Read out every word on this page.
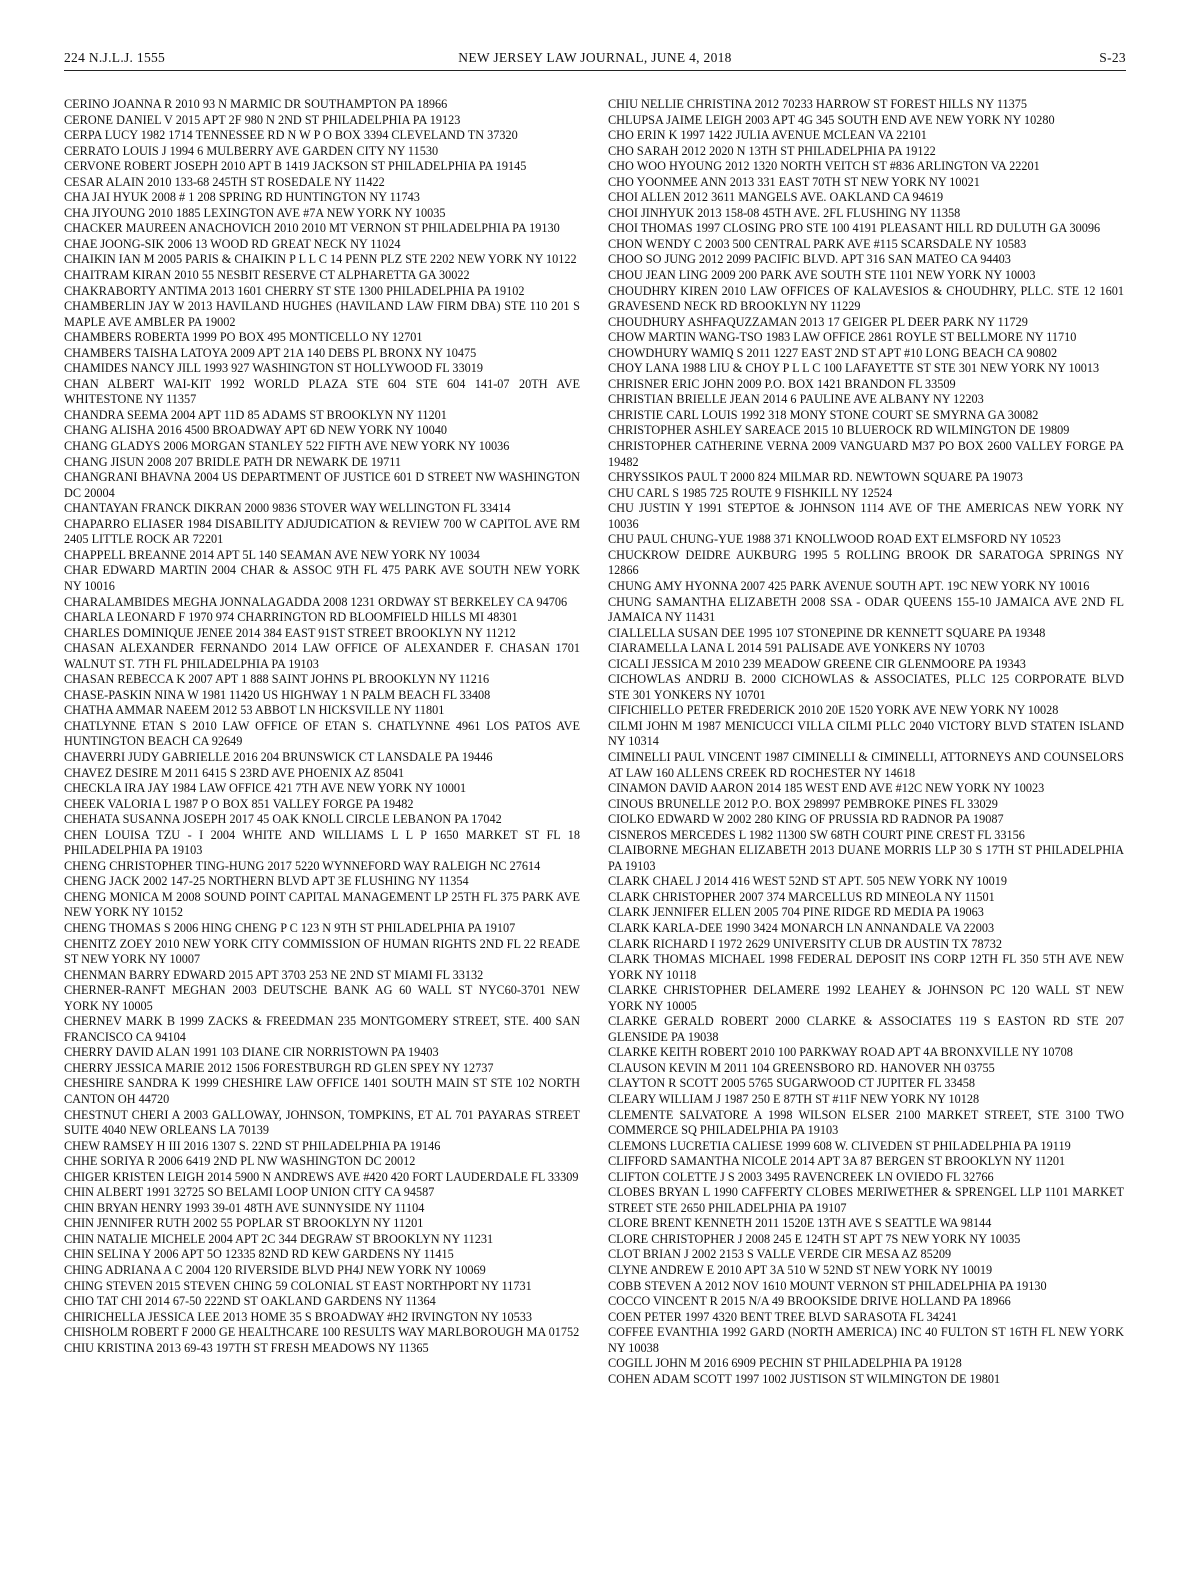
224 N.J.L.J. 1555	NEW JERSEY LAW JOURNAL, JUNE 4, 2018	S-23

CERINO JOANNA R 2010 93 N MARMIC DR SOUTHAMPTON PA 18966

CERONE DANIEL V 2015 APT 2F 980 N 2ND ST PHILADELPHIA PA 19123

CERPA LUCY 1982 1714 TENNESSEE RD N W P O BOX 3394 CLEVELAND TN 37320

CERRATO LOUIS J 1994 6 MULBERRY AVE GARDEN CITY NY 11530

CERVONE ROBERT JOSEPH 2010 APT B 1419 JACKSON ST PHILADELPHIA PA 19145

CESAR ALAIN 2010 133-68 245TH ST ROSEDALE NY 11422

CHA JAI HYUK 2008 # 1 208 SPRING RD HUNTINGTON NY 11743

CHA JIYOUNG 2010 1885 LEXINGTON AVE #7A NEW YORK NY 10035

CHACKER MAUREEN ANACHOVICH 2010 2010 MT VERNON ST PHILADELPHIA PA 19130

CHAE JOONG-SIK 2006 13 WOOD RD GREAT NECK NY 11024

CHAIKIN IAN M 2005 PARIS & CHAIKIN P L L C 14 PENN PLZ STE 2202 NEW YORK NY 10122

CHAITRAM KIRAN 2010 55 NESBIT RESERVE CT ALPHARETTA GA 30022

CHAKRABORTY ANTIMA 2013 1601 CHERRY ST STE 1300 PHILADELPHIA PA 19102

CHAMBERLIN JAY W 2013 HAVILAND HUGHES (HAVILAND LAW FIRM DBA) STE 110 201 S MAPLE AVE AMBLER PA 19002

CHAMBERS ROBERTA 1999 PO BOX 495 MONTICELLO NY 12701

CHAMBERS TAISHA LATOYA 2009 APT 21A 140 DEBS PL BRONX NY 10475

CHAMIDES NANCY JILL 1993 927 WASHINGTON ST HOLLYWOOD FL 33019

CHAN ALBERT WAI-KIT 1992 WORLD PLAZA STE 604 STE 604 141-07 20TH AVE WHITESTONE NY 11357

CHANDRA SEEMA 2004 APT 11D 85 ADAMS ST BROOKLYN NY 11201

CHANG ALISHA 2016 4500 BROADWAY APT 6D NEW YORK NY 10040

CHANG GLADYS 2006 MORGAN STANLEY 522 FIFTH AVE NEW YORK NY 10036

CHANG JISUN 2008 207 BRIDLE PATH DR NEWARK DE 19711

CHANGRANI BHAVNA 2004 US DEPARTMENT OF JUSTICE 601 D STREET NW WASHINGTON DC 20004

CHANTAYAN FRANCK DIKRAN 2000 9836 STOVER WAY WELLINGTON FL 33414

CHAPARRO ELIASER 1984 DISABILITY ADJUDICATION & REVIEW 700 W CAPITOL AVE RM 2405 LITTLE ROCK AR 72201

CHAPPELL BREANNE 2014 APT 5L 140 SEAMAN AVE NEW YORK NY 10034

CHAR EDWARD MARTIN 2004 CHAR & ASSOC 9TH FL 475 PARK AVE SOUTH NEW YORK NY 10016

CHARALAMBIDES MEGHA JONNALAGADDA 2008 1231 ORDWAY ST BERKELEY CA 94706

CHARLA LEONARD F 1970 974 CHARRINGTON RD BLOOMFIELD HILLS MI 48301

CHARLES DOMINIQUE JENEE 2014 384 EAST 91ST STREET BROOKLYN NY 11212

CHASAN ALEXANDER FERNANDO 2014 LAW OFFICE OF ALEXANDER F. CHASAN 1701 WALNUT ST. 7TH FL PHILADELPHIA PA 19103

CHASAN REBECCA K 2007 APT 1 888 SAINT JOHNS PL BROOKLYN NY 11216

CHASE-PASKIN NINA W 1981 11420 US HIGHWAY 1 N PALM BEACH FL 33408

CHATHA AMMAR NAEEM 2012 53 ABBOT LN HICKSVILLE NY 11801

CHATLYNNE ETAN S 2010 LAW OFFICE OF ETAN S. CHATLYNNE 4961 LOS PATOS AVE HUNTINGTON BEACH CA 92649

CHAVERRI JUDY GABRIELLE 2016 204 BRUNSWICK CT LANSDALE PA 19446

CHAVEZ DESIRE M 2011 6415 S 23RD AVE PHOENIX AZ 85041

CHECKLA IRA JAY 1984 LAW OFFICE 421 7TH AVE NEW YORK NY 10001

CHEEK VALORIA L 1987 P O BOX 851 VALLEY FORGE PA 19482

CHEHATA SUSANNA JOSEPH 2017 45 OAK KNOLL CIRCLE LEBANON PA 17042

CHEN LOUISA TZU - I 2004 WHITE AND WILLIAMS L L P 1650 MARKET ST FL 18 PHILADELPHIA PA 19103

CHENG CHRISTOPHER TING-HUNG 2017 5220 WYNNEFORD WAY RALEIGH NC 27614

CHENG JACK 2002 147-25 NORTHERN BLVD APT 3E FLUSHING NY 11354

CHENG MONICA M 2008 SOUND POINT CAPITAL MANAGEMENT LP 25TH FL 375 PARK AVE NEW YORK NY 10152

CHENG THOMAS S 2006 HING CHENG P C 123 N 9TH ST PHILADELPHIA PA 19107

CHENITZ ZOEY 2010 NEW YORK CITY COMMISSION OF HUMAN RIGHTS 2ND FL 22 READE ST NEW YORK NY 10007

CHENMAN BARRY EDWARD 2015 APT 3703 253 NE 2ND ST MIAMI FL 33132

CHERNER-RANFT MEGHAN 2003 DEUTSCHE BANK AG 60 WALL ST NYC60-3701 NEW YORK NY 10005

CHERNEV MARK B 1999 ZACKS & FREEDMAN 235 MONTGOMERY STREET, STE. 400 SAN FRANCISCO CA 94104

CHERRY DAVID ALAN 1991 103 DIANE CIR NORRISTOWN PA 19403

CHERRY JESSICA MARIE 2012 1506 FORESTBURGH RD GLEN SPEY NY 12737

CHESHIRE SANDRA K 1999 CHESHIRE LAW OFFICE 1401 SOUTH MAIN ST STE 102 NORTH CANTON OH 44720

CHESTNUT CHERI A 2003 GALLOWAY, JOHNSON, TOMPKINS, ET AL 701 PAYARAS STREET SUITE 4040 NEW ORLEANS LA 70139

CHEW RAMSEY H III 2016 1307 S. 22ND ST PHILADELPHIA PA 19146

CHHE SORIYA R 2006 6419 2ND PL NW WASHINGTON DC 20012

CHIGER KRISTEN LEIGH 2014 5900 N ANDREWS AVE #420 420 FORT LAUDERDALE FL 33309

CHIN ALBERT 1991 32725 SO BELAMI LOOP UNION CITY CA 94587

CHIN BRYAN HENRY 1993 39-01 48TH AVE SUNNYSIDE NY 11104

CHIN JENNIFER RUTH 2002 55 POPLAR ST BROOKLYN NY 11201

CHIN NATALIE MICHELE 2004 APT 2C 344 DEGRAW ST BROOKLYN NY 11231

CHIN SELINA Y 2006 APT 5O 12335 82ND RD KEW GARDENS NY 11415

CHING ADRIANA A C 2004 120 RIVERSIDE BLVD PH4J NEW YORK NY 10069

CHING STEVEN 2015 STEVEN CHING 59 COLONIAL ST EAST NORTHPORT NY 11731

CHIO TAT CHI 2014 67-50 222ND ST OAKLAND GARDENS NY 11364

CHIRICHELLA JESSICA LEE 2013 HOME 35 S BROADWAY #H2 IRVINGTON NY 10533

CHISHOLM ROBERT F 2000 GE HEALTHCARE 100 RESULTS WAY MARLBOROUGH MA 01752

CHIU KRISTINA 2013 69-43 197TH ST FRESH MEADOWS NY 11365

CHIU NELLIE CHRISTINA 2012 70233 HARROW ST FOREST HILLS NY 11375

CHLUPSA JAIME LEIGH 2003 APT 4G 345 SOUTH END AVE NEW YORK NY 10280

CHO ERIN K 1997 1422 JULIA AVENUE MCLEAN VA 22101

CHO SARAH 2012 2020 N 13TH ST PHILADELPHIA PA 19122

CHO WOO HYOUNG 2012 1320 NORTH VEITCH ST #836 ARLINGTON VA 22201

CHO YOONMEE ANN 2013 331 EAST 70TH ST NEW YORK NY 10021

CHOI ALLEN 2012 3611 MANGELS AVE. OAKLAND CA 94619

CHOI JINHYUK 2013 158-08 45TH AVE. 2FL FLUSHING NY 11358

CHOI THOMAS 1997 CLOSING PRO STE 100 4191 PLEASANT HILL RD DULUTH GA 30096

CHON WENDY C 2003 500 CENTRAL PARK AVE #115 SCARSDALE NY 10583

CHOO SO JUNG 2012 2099 PACIFIC BLVD. APT 316 SAN MATEO CA 94403

CHOU JEAN LING 2009 200 PARK AVE SOUTH STE 1101 NEW YORK NY 10003

CHOUDHRY KIREN 2010 LAW OFFICES OF KALAVESIOS & CHOUDHRY, PLLC. STE 12 1601 GRAVESEND NECK RD BROOKLYN NY 11229

CHOUDHURY ASHFAQUZZAMAN 2013 17 GEIGER PL DEER PARK NY 11729

CHOW MARTIN WANG-TSO 1983 LAW OFFICE 2861 ROYLE ST BELLMORE NY 11710

CHOWDHURY WAMIQ S 2011 1227 EAST 2ND ST APT #10 LONG BEACH CA 90802

CHOY LANA 1988 LIU & CHOY P L L C 100 LAFAYETTE ST STE 301 NEW YORK NY 10013

CHRISNER ERIC JOHN 2009 P.O. BOX 1421 BRANDON FL 33509

CHRISTIAN BRIELLE JEAN 2014 6 PAULINE AVE ALBANY NY 12203

CHRISTIE CARL LOUIS 1992 318 MONY STONE COURT SE SMYRNA GA 30082

CHRISTOPHER ASHLEY SAREACE 2015 10 BLUEROCK RD WILMINGTON DE 19809

CHRISTOPHER CATHERINE VERNA 2009 VANGUARD M37 PO BOX 2600 VALLEY FORGE PA 19482

CHRYSSIKOS PAUL T 2000 824 MILMAR RD. NEWTOWN SQUARE PA 19073

CHU CARL S 1985 725 ROUTE 9 FISHKILL NY 12524

CHU JUSTIN Y 1991 STEPTOE & JOHNSON 1114 AVE OF THE AMERICAS NEW YORK NY 10036

CHU PAUL CHUNG-YUE 1988 371 KNOLLWOOD ROAD EXT ELMSFORD NY 10523

CHUCKROW DEIDRE AUKBURG 1995 5 ROLLING BROOK DR SARATOGA SPRINGS NY 12866

CHUNG AMY HYONNA 2007 425 PARK AVENUE SOUTH APT. 19C NEW YORK NY 10016

CHUNG SAMANTHA ELIZABETH 2008 SSA - ODAR QUEENS 155-10 JAMAICA AVE 2ND FL JAMAICA NY 11431

CIALLELLA SUSAN DEE 1995 107 STONEPINE DR KENNETT SQUARE PA 19348

CIARAMELLA LANA L 2014 591 PALISADE AVE YONKERS NY 10703

CICALI JESSICA M 2010 239 MEADOW GREENE CIR GLENMOORE PA 19343

CICHOWLAS ANDRIJ B. 2000 CICHOWLAS & ASSOCIATES, PLLC 125 CORPORATE BLVD STE 301 YONKERS NY 10701

CIFICHIELLO PETER FREDERICK 2010 20E 1520 YORK AVE NEW YORK NY 10028

CILMI JOHN M 1987 MENICUCCI VILLA CILMI PLLC 2040 VICTORY BLVD STATEN ISLAND NY 10314

CIMINELLI PAUL VINCENT 1987 CIMINELLI & CIMINELLI, ATTORNEYS AND COUNSELORS AT LAW 160 ALLENS CREEK RD ROCHESTER NY 14618

CINAMON DAVID AARON 2014 185 WEST END AVE #12C NEW YORK NY 10023

CINOUS BRUNELLE 2012 P.O. BOX 298997 PEMBROKE PINES FL 33029

CIOLKO EDWARD W 2002 280 KING OF PRUSSIA RD RADNOR PA 19087

CISNEROS MERCEDES L 1982 11300 SW 68TH COURT PINE CREST FL 33156

CLAIBORNE MEGHAN ELIZABETH 2013 DUANE MORRIS LLP 30 S 17TH ST PHILADELPHIA PA 19103

CLARK CHAEL J 2014 416 WEST 52ND ST APT. 505 NEW YORK NY 10019

CLARK CHRISTOPHER 2007 374 MARCELLUS RD MINEOLA NY 11501

CLARK JENNIFER ELLEN 2005 704 PINE RIDGE RD MEDIA PA 19063

CLARK KARLA-DEE 1990 3424 MONARCH LN ANNANDALE VA 22003

CLARK RICHARD I 1972 2629 UNIVERSITY CLUB DR AUSTIN TX 78732

CLARK THOMAS MICHAEL 1998 FEDERAL DEPOSIT INS CORP 12TH FL 350 5TH AVE NEW YORK NY 10118

CLARKE CHRISTOPHER DELAMERE 1992 LEAHEY & JOHNSON PC 120 WALL ST NEW YORK NY 10005

CLARKE GERALD ROBERT 2000 CLARKE & ASSOCIATES 119 S EASTON RD STE 207 GLENSIDE PA 19038

CLARKE KEITH ROBERT 2010 100 PARKWAY ROAD APT 4A BRONXVILLE NY 10708

CLAUSON KEVIN M 2011 104 GREENSBORO RD. HANOVER NH 03755

CLAYTON R SCOTT 2005 5765 SUGARWOOD CT JUPITER FL 33458

CLEARY WILLIAM J 1987 250 E 87TH ST #11F NEW YORK NY 10128

CLEMENTE SALVATORE A 1998 WILSON ELSER 2100 MARKET STREET, STE 3100 TWO COMMERCE SQ PHILADELPHIA PA 19103

CLEMONS LUCRETIA CALIESE 1999 608 W. CLIVEDEN ST PHILADELPHIA PA 19119

CLIFFORD SAMANTHA NICOLE 2014 APT 3A 87 BERGEN ST BROOKLYN NY 11201

CLIFTON COLETTE J S 2003 3495 RAVENCREEK LN OVIEDO FL 32766

CLOBES BRYAN L 1990 CAFFERTY CLOBES MERIWETHER & SPRENGEL LLP 1101 MARKET STREET STE 2650 PHILADELPHIA PA 19107

CLORE BRENT KENNETH 2011 1520E 13TH AVE S SEATTLE WA 98144

CLORE CHRISTOPHER J 2008 245 E 124TH ST APT 7S NEW YORK NY 10035

CLOT BRIAN J 2002 2153 S VALLE VERDE CIR MESA AZ 85209

CLYNE ANDREW E 2010 APT 3A 510 W 52ND ST NEW YORK NY 10019

COBB STEVEN A 2012 NOV 1610 MOUNT VERNON ST PHILADELPHIA PA 19130

COCCO VINCENT R 2015 N/A 49 BROOKSIDE DRIVE HOLLAND PA 18966

COEN PETER 1997 4320 BENT TREE BLVD SARASOTA FL 34241

COFFEE EVANTHIA 1992 GARD (NORTH AMERICA) INC 40 FULTON ST 16TH FL NEW YORK NY 10038

COGILL JOHN M 2016 6909 PECHIN ST PHILADELPHIA PA 19128

COHEN ADAM SCOTT 1997 1002 JUSTISON ST WILMINGTON DE 19801
